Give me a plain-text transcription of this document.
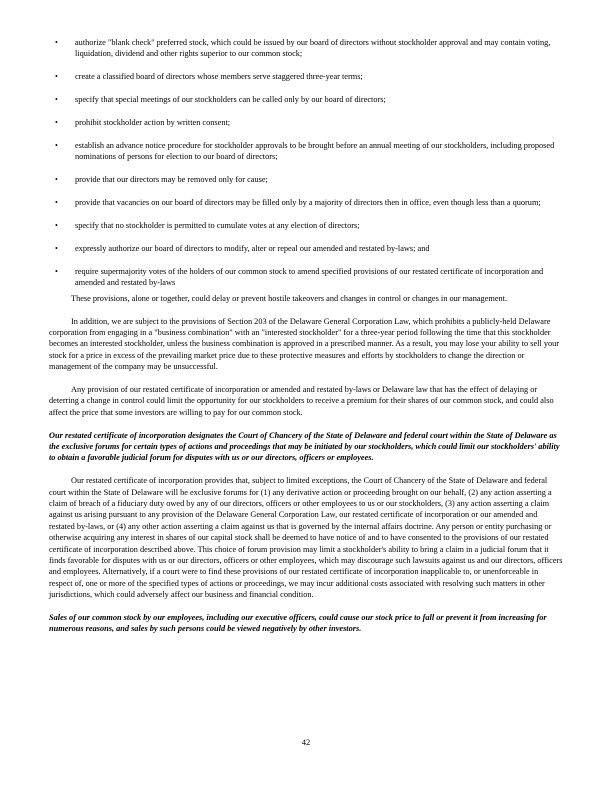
• authorize "blank check" preferred stock, which could be issued by our board of directors without stockholder approval and may contain voting, liquidation, dividend and other rights superior to our common stock;
• create a classified board of directors whose members serve staggered three-year terms;
• specify that special meetings of our stockholders can be called only by our board of directors;
• prohibit stockholder action by written consent;
• establish an advance notice procedure for stockholder approvals to be brought before an annual meeting of our stockholders, including proposed nominations of persons for election to our board of directors;
• provide that our directors may be removed only for cause;
• provide that vacancies on our board of directors may be filled only by a majority of directors then in office, even though less than a quorum;
• specify that no stockholder is permitted to cumulate votes at any election of directors;
• expressly authorize our board of directors to modify, alter or repeal our amended and restated by-laws; and
• require supermajority votes of the holders of our common stock to amend specified provisions of our restated certificate of incorporation and amended and restated by-laws

These provisions, alone or together, could delay or prevent hostile takeovers and changes in control or changes in our management.

In addition, we are subject to the provisions of Section 203 of the Delaware General Corporation Law, which prohibits a publicly-held Delaware corporation from engaging in a "business combination" with an "interested stockholder" for a three-year period following the time that this stockholder becomes an interested stockholder, unless the business combination is approved in a prescribed manner. As a result, you may lose your ability to sell your stock for a price in excess of the prevailing market price due to these protective measures and efforts by stockholders to change the direction or management of the company may be unsuccessful.

Any provision of our restated certificate of incorporation or amended and restated by-laws or Delaware law that has the effect of delaying or deterring a change in control could limit the opportunity for our stockholders to receive a premium for their shares of our common stock, and could also affect the price that some investors are willing to pay for our common stock.

Our restated certificate of incorporation designates the Court of Chancery of the State of Delaware and federal court within the State of Delaware as the exclusive forums for certain types of actions and proceedings that may be initiated by our stockholders, which could limit our stockholders' ability to obtain a favorable judicial forum for disputes with us or our directors, officers or employees.

Our restated certificate of incorporation provides that, subject to limited exceptions, the Court of Chancery of the State of Delaware and federal court within the State of Delaware will be exclusive forums for (1) any derivative action or proceeding brought on our behalf, (2) any action asserting a claim of breach of a fiduciary duty owed by any of our directors, officers or other employees to us or our stockholders, (3) any action asserting a claim against us arising pursuant to any provision of the Delaware General Corporation Law, our restated certificate of incorporation or our amended and restated by-laws, or (4) any other action asserting a claim against us that is governed by the internal affairs doctrine. Any person or entity purchasing or otherwise acquiring any interest in shares of our capital stock shall be deemed to have notice of and to have consented to the provisions of our restated certificate of incorporation described above. This choice of forum provision may limit a stockholder's ability to bring a claim in a judicial forum that it finds favorable for disputes with us or our directors, officers or other employees, which may discourage such lawsuits against us and our directors, officers and employees. Alternatively, if a court were to find these provisions of our restated certificate of incorporation inapplicable to, or unenforceable in respect of, one or more of the specified types of actions or proceedings, we may incur additional costs associated with resolving such matters in other jurisdictions, which could adversely affect our business and financial condition.

Sales of our common stock by our employees, including our executive officers, could cause our stock price to fall or prevent it from increasing for numerous reasons, and sales by such persons could be viewed negatively by other investors.

42
